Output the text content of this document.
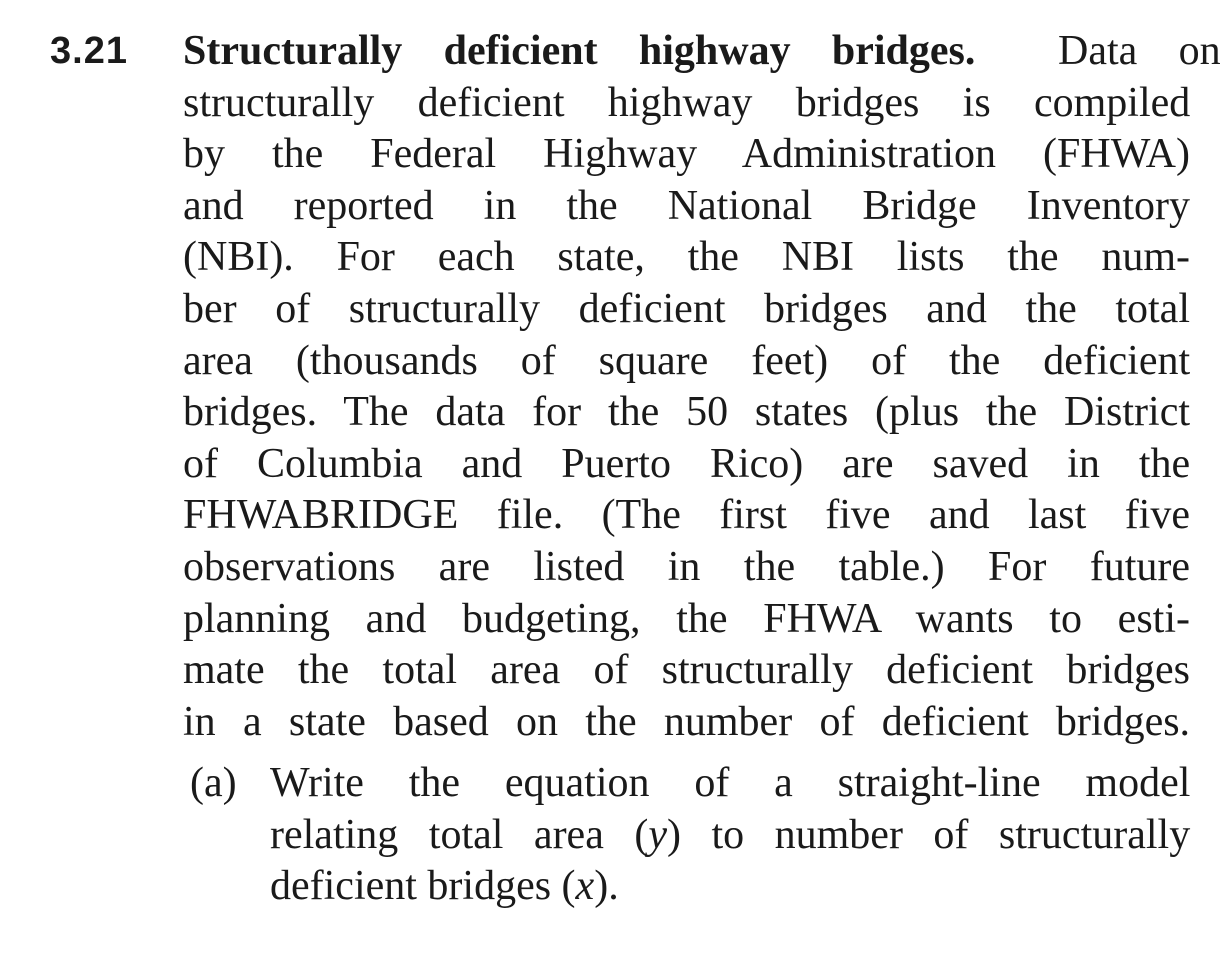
3.21 Structurally deficient highway bridges. Data on
structurally deficient highway bridges is compiled
by the Federal Highway Administration (FHWA)
and reported in the National Bridge Inventory
(NBI). For each state, the NBI lists the num-
ber of structurally deficient bridges and the total
area (thousands of square feet) of the deficient
bridges. The data for the 50 states (plus the District
of Columbia and Puerto Rico) are saved in the
FHWABRIDGE file. (The first five and last five
observations are listed in the table.) For future
planning and budgeting, the FHWA wants to esti-
mate the total area of structurally deficient bridges
in a state based on the number of deficient bridges.
(a) Write the equation of a straight-line model
relating total area (y) to number of structurally
deficient bridges (x).
